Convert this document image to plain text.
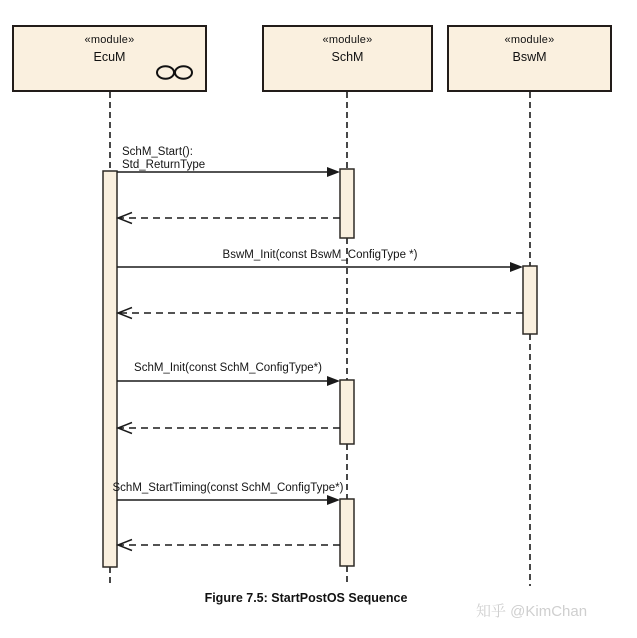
«module»
EcuM
«module»
SchM
«module»
BswM
SchM_Start():
Std_ReturnType
BswM_Init(const BswM_ConfigType *)
SchM_Init(const SchM_ConfigType*)
SchM_StartTiming(const SchM_ConfigType*)
Figure 7.5: StartPostOS Sequence
知乎 @KimChan
